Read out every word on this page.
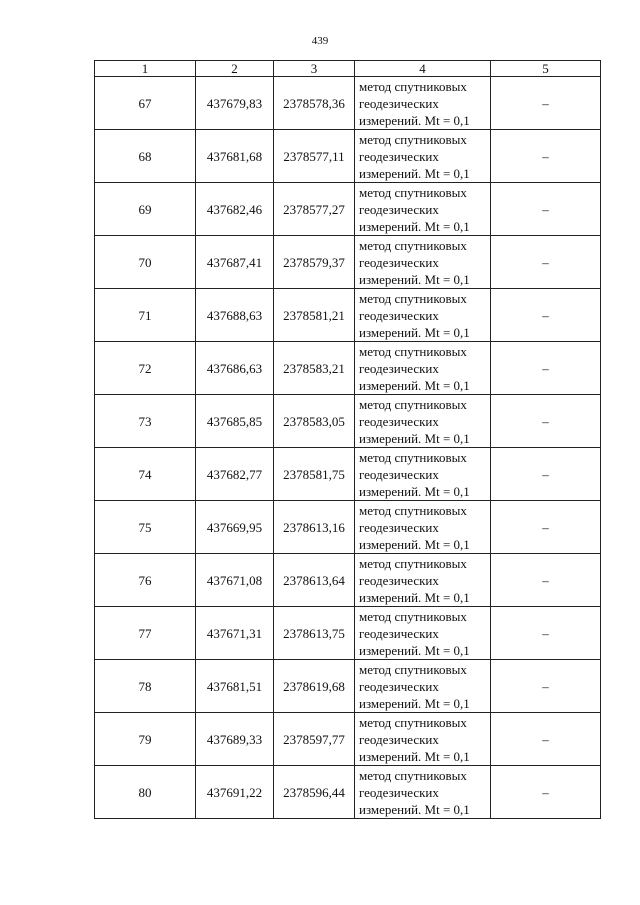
439
1	2	3	4	5
67	437679,83	2378578,36	метод спутниковых
геодезических
измерений. Mt = 0,1	–
68	437681,68	2378577,11	метод спутниковых
геодезических
измерений. Mt = 0,1	–
69	437682,46	2378577,27	метод спутниковых
геодезических
измерений. Mt = 0,1	–
70	437687,41	2378579,37	метод спутниковых
геодезических
измерений. Mt = 0,1	–
71	437688,63	2378581,21	метод спутниковых
геодезических
измерений. Mt = 0,1	–
72	437686,63	2378583,21	метод спутниковых
геодезических
измерений. Mt = 0,1	–
73	437685,85	2378583,05	метод спутниковых
геодезических
измерений. Mt = 0,1	–
74	437682,77	2378581,75	метод спутниковых
геодезических
измерений. Mt = 0,1	–
75	437669,95	2378613,16	метод спутниковых
геодезических
измерений. Mt = 0,1	–
76	437671,08	2378613,64	метод спутниковых
геодезических
измерений. Mt = 0,1	–
77	437671,31	2378613,75	метод спутниковых
геодезических
измерений. Mt = 0,1	–
78	437681,51	2378619,68	метод спутниковых
геодезических
измерений. Mt = 0,1	–
79	437689,33	2378597,77	метод спутниковых
геодезических
измерений. Mt = 0,1	–
80	437691,22	2378596,44	метод спутниковых
геодезических
измерений. Mt = 0,1	–
